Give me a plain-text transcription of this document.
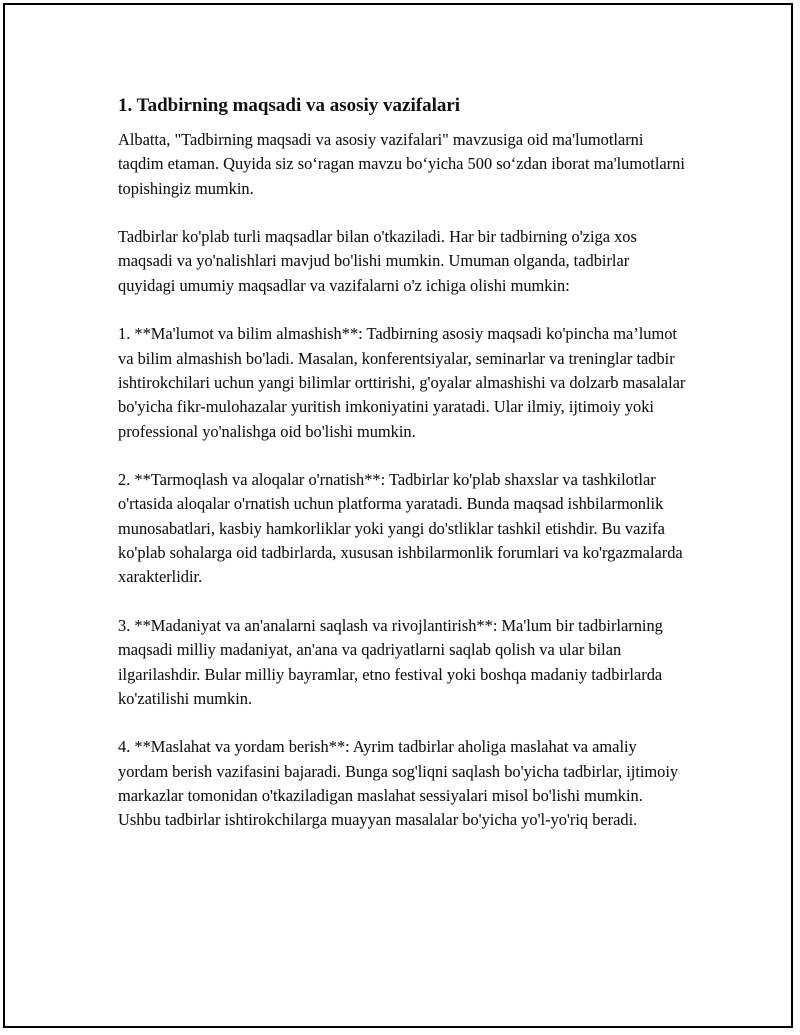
1. Tadbirning maqsadi va asosiy vazifalari

Albatta, "Tadbirning maqsadi va asosiy vazifalari" mavzusiga oid ma'lumotlarni taqdim etaman. Quyida siz so‘ragan mavzu bo‘yicha 500 so‘zdan iborat ma'lumotlarni topishingiz mumkin.

Tadbirlar ko'plab turli maqsadlar bilan o'tkaziladi. Har bir tadbirning o'ziga xos maqsadi va yo'nalishlari mavjud bo'lishi mumkin. Umuman olganda, tadbirlar quyidagi umumiy maqsadlar va vazifalarni o'z ichiga olishi mumkin:

1. **Ma'lumot va bilim almashish**: Tadbirning asosiy maqsadi ko'pincha ma’lumot va bilim almashish bo'ladi. Masalan, konferentsiyalar, seminarlar va treninglar tadbir ishtirokchilari uchun yangi bilimlar orttirishi, g'oyalar almashishi va dolzarb masalalar bo'yicha fikr-mulohazalar yuritish imkoniyatini yaratadi. Ular ilmiy, ijtimoiy yoki professional yo'nalishga oid bo'lishi mumkin.

2. **Tarmoqlash va aloqalar o'rnatish**: Tadbirlar ko'plab shaxslar va tashkilotlar o'rtasida aloqalar o'rnatish uchun platforma yaratadi. Bunda maqsad ishbilarmonlik munosabatlari, kasbiy hamkorliklar yoki yangi do'stliklar tashkil etishdir. Bu vazifa ko'plab sohalarga oid tadbirlarda, xususan ishbilarmonlik forumlari va ko'rgazmalarda xarakterlidir.

3. **Madaniyat va an'analarni saqlash va rivojlantirish**: Ma'lum bir tadbirlarning maqsadi milliy madaniyat, an'ana va qadriyatlarni saqlab qolish va ular bilan ilgarilashdir. Bular milliy bayramlar, etno festival yoki boshqa madaniy tadbirlarda ko'zatilishi mumkin.

4. **Maslahat va yordam berish**: Ayrim tadbirlar aholiga maslahat va amaliy yordam berish vazifasini bajaradi. Bunga sog'liqni saqlash bo'yicha tadbirlar, ijtimoiy markazlar tomonidan o'tkaziladigan maslahat sessiyalari misol bo'lishi mumkin. Ushbu tadbirlar ishtirokchilarga muayyan masalalar bo'yicha yo'l-yo'riq beradi.
